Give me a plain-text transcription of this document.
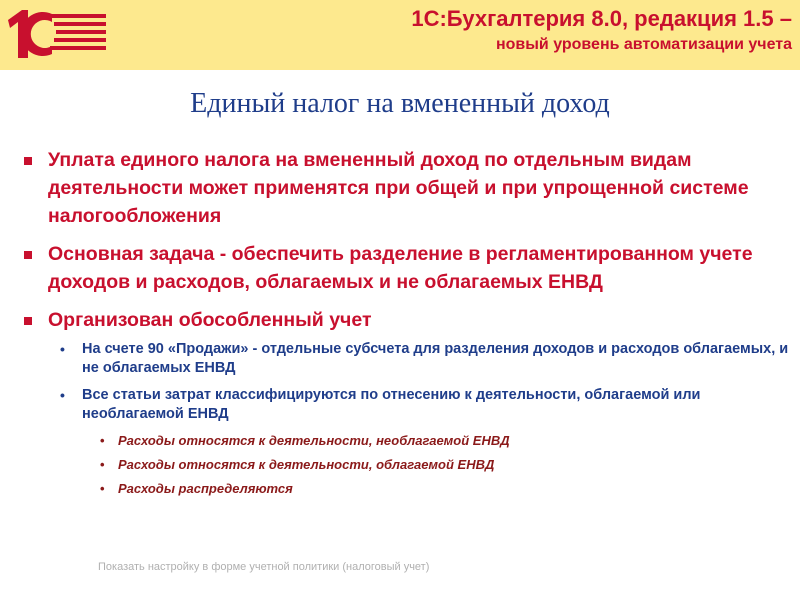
1С:Бухгалтерия 8.0, редакция 1.5 –
новый уровень автоматизации учета
Единый налог на вмененный доход
Уплата единого налога на вмененный доход по отдельным видам деятельности может применятся при общей и при упрощенной системе налогообложения
Основная задача - обеспечить разделение в регламентированном учете доходов и расходов, облагаемых и не облагаемых ЕНВД
Организован обособленный учет
• На счете 90 «Продажи» - отдельные субсчета для разделения доходов и расходов облагаемых, и не облагаемых ЕНВД
• Все статьи затрат классифицируются по отнесению к деятельности, облагаемой или необлагаемой ЕНВД
• Расходы относятся к деятельности, необлагаемой ЕНВД
• Расходы относятся к деятельности, облагаемой ЕНВД
• Расходы распределяются
Показать настройку в форме учетной политики (налоговый учет)
